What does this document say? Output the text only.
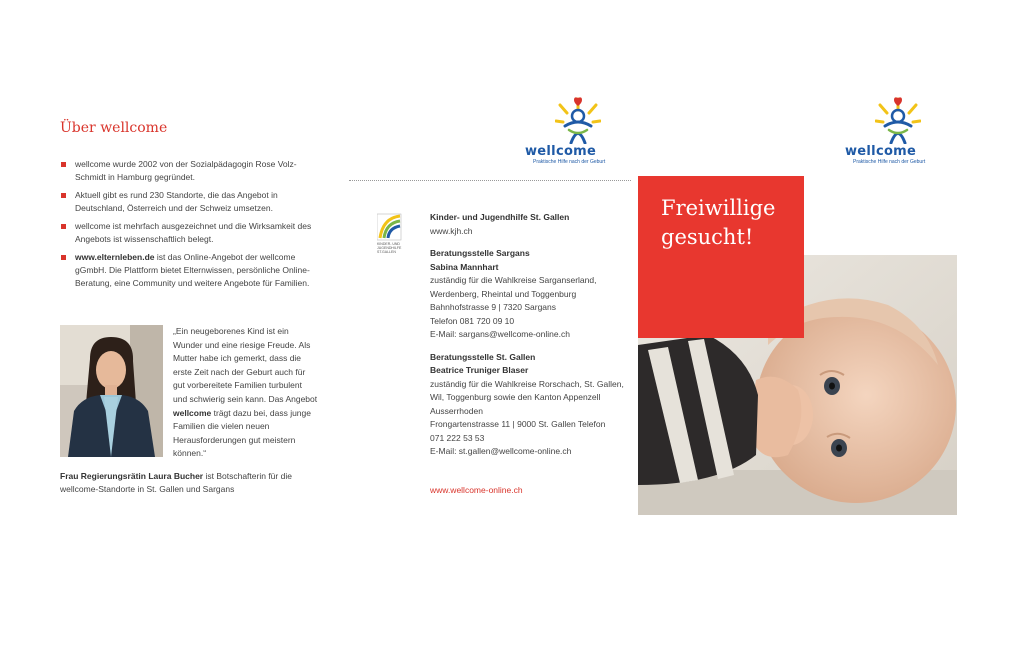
Über wellcome
wellcome wurde 2002 von der Sozialpädagogin Rose Volz-Schmidt in Hamburg gegründet.
Aktuell gibt es rund 230 Standorte, die das Angebot in Deutschland, Österreich und der Schweiz umsetzen.
wellcome ist mehrfach ausgezeichnet und die Wirksamkeit des Angebots ist wissenschaftlich belegt.
www.elternleben.de ist das Online-Angebot der wellcome gGmbH. Die Plattform bietet Elternwissen, persönliche Online-Beratung, eine Community und weitere Angebote für Familien.

„Ein neugeborenes Kind ist ein Wunder und eine riesige Freude. Als Mutter habe ich gemerkt, dass die erste Zeit nach der Geburt auch für gut vorbereitete Familien turbulent und schwierig sein kann. Das Angebot wellcome trägt dazu bei, dass junge Familien die vielen neuen Herausforderungen gut meistern können.“

Frau Regierungsrätin Laura Bucher ist Botschafterin für die wellcome-Standorte in St. Gallen und Sargans

wellcome
Praktische Hilfe nach der Geburt
wellcome
Praktische Hilfe nach der Geburt
KINDER- UND JUGENDHILFE ST.GALLEN
Kinder- und Jugendhilfe St. Gallen
www.kjh.ch
Beratungsstelle Sargans
Sabina Mannhart
zuständig für die Wahlkreise Sarganserland, Werdenberg, Rheintal und Toggenburg
Bahnhofstrasse 9 | 7320 Sargans
Telefon 081 720 09 10
E-Mail: sargans@wellcome-online.ch
Beratungsstelle St. Gallen
Beatrice Truniger Blaser
zuständig für die Wahlkreise Rorschach, St. Gallen, Wil, Toggenburg sowie den Kanton Appenzell Ausserrhoden
Frongartenstrasse 11 | 9000 St. Gallen Telefon
071 222 53 53
E-Mail: st.gallen@wellcome-online.ch
www.wellcome-online.ch
Freiwillige
gesucht!
